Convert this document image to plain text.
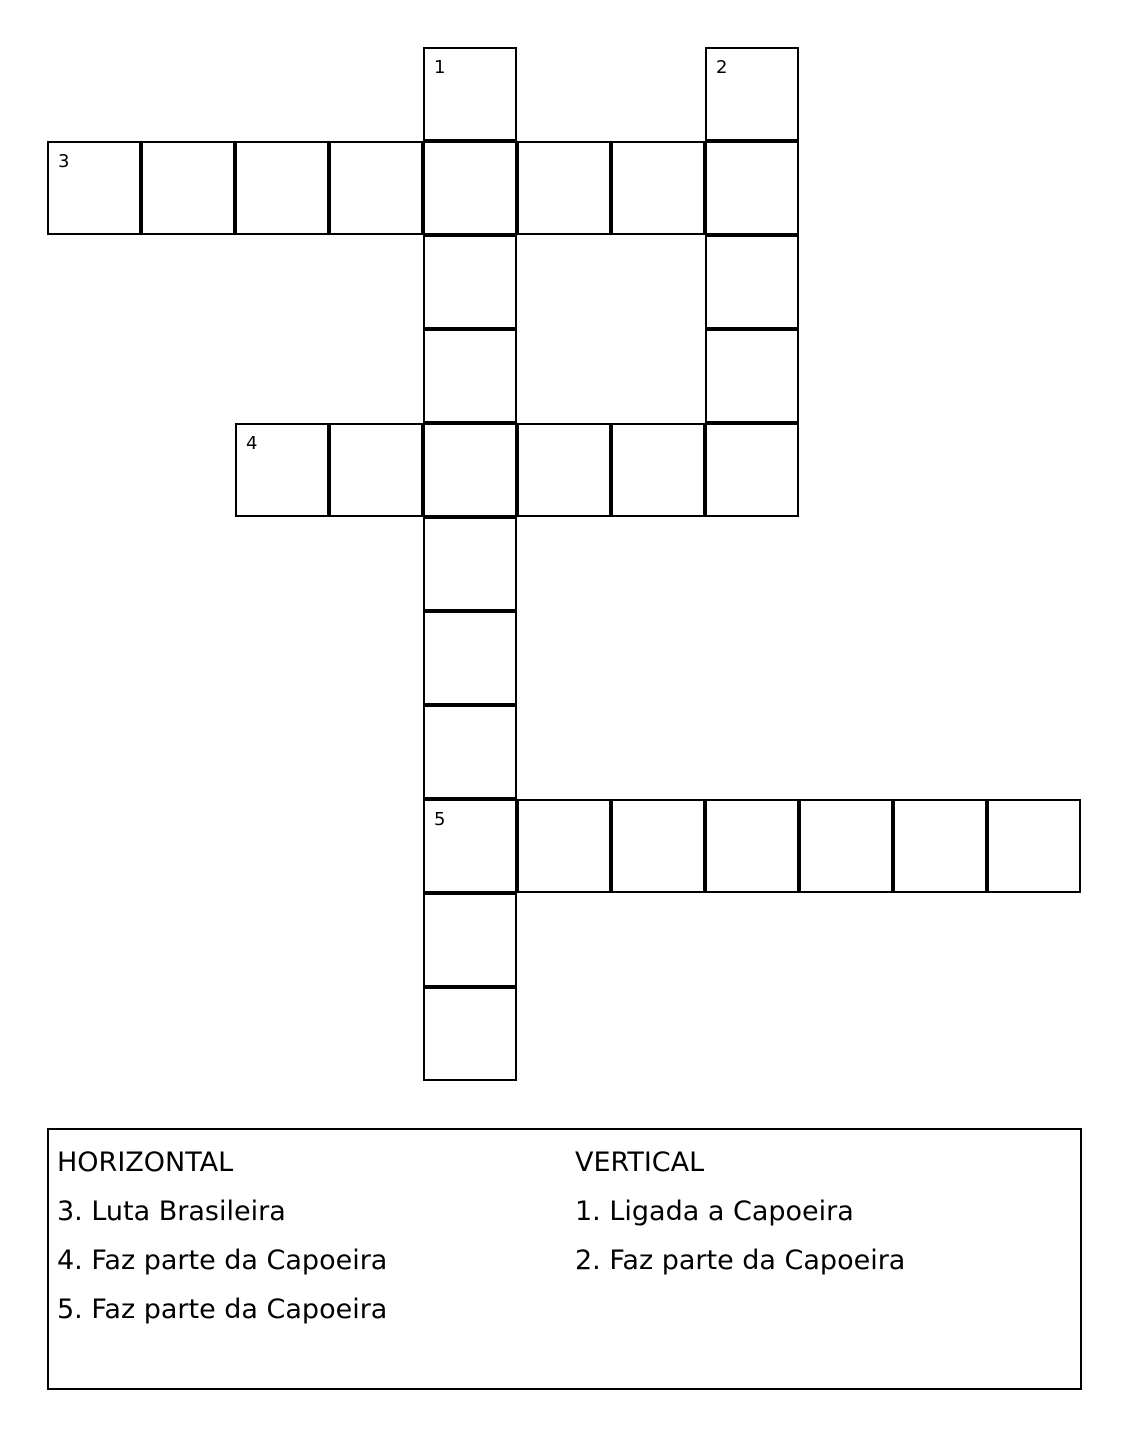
1	2
3
4
5
HORIZONTAL
3. Luta Brasileira
4. Faz parte da Capoeira
5. Faz parte da Capoeira
VERTICAL
1. Ligada a Capoeira
2. Faz parte da Capoeira
